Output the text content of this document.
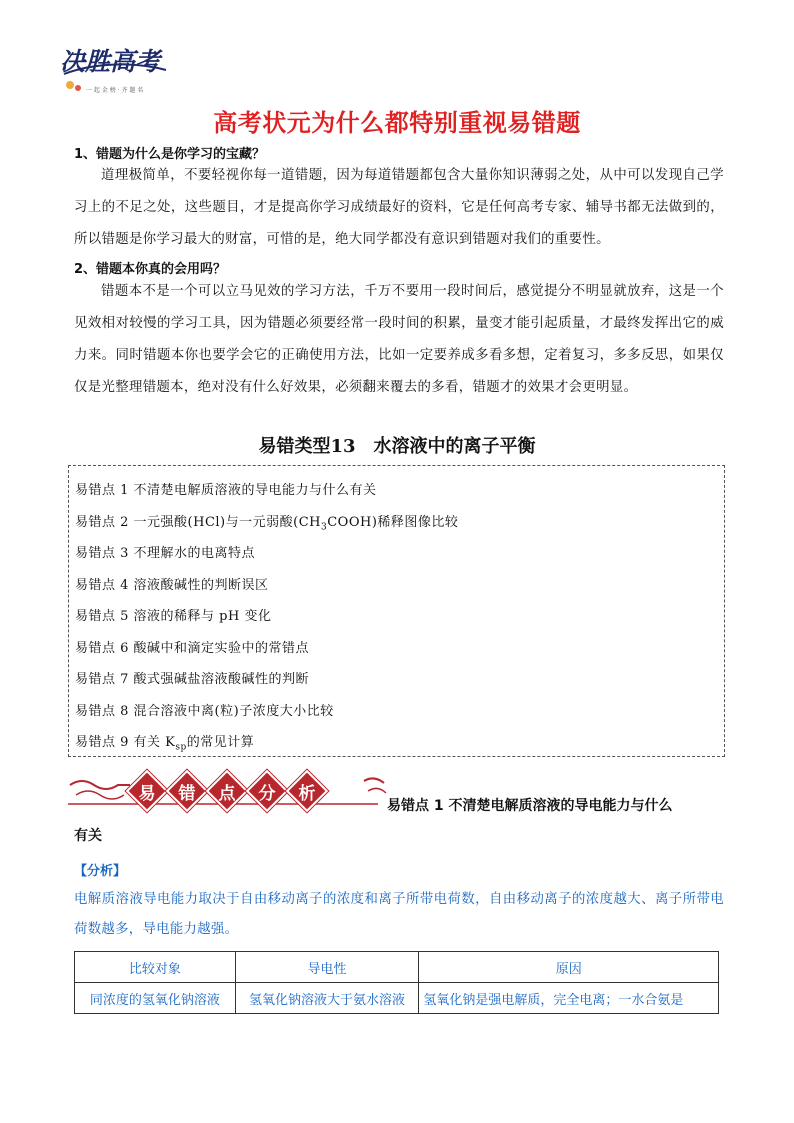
决胜高考
一 起 金 榜 · 齐 题 名
高考状元为什么都特别重视易错题
1、错题为什么是你学习的宝藏？
道理极简单，不要轻视你每一道错题，因为每道错题都包含大量你知识薄弱之处，从中可以发现自己学习上的不足之处，这些题目，才是提高你学习成绩最好的资料，它是任何高考专家、辅导书都无法做到的，所以错题是你学习最大的财富，可惜的是，绝大同学都没有意识到错题对我们的重要性。
2、错题本你真的会用吗？
错题本不是一个可以立马见效的学习方法，千万不要用一段时间后，感觉提分不明显就放弃，这是一个见效相对较慢的学习工具，因为错题必须要经常一段时间的积累，量变才能引起质量，才最终发挥出它的威力来。同时错题本你也要学会它的正确使用方法，比如一定要养成多看多想，定着复习，多多反思，如果仅仅是光整理错题本，绝对没有什么好效果，必须翻来覆去的多看，错题才的效果才会更明显。
易错类型13　水溶液中的离子平衡
易错点 1 不清楚电解质溶液的导电能力与什么有关
易错点 2 一元强酸(HCl)与一元弱酸$(CH_3COOH)$稀释图像比较
易错点 3 不理解水的电离特点
易错点 4 溶液酸碱性的判断误区
易错点 5 溶液的稀释与 pH 变化
易错点 6 酸碱中和滴定实验中的常错点
易错点 7 酸式强碱盐溶液酸碱性的判断
易错点 8 混合溶液中离(粒)子浓度大小比较
易错点 9 有关 $K_{sp}$的常见计算
易 错 点 分 析
易错点 1 不清楚电解质溶液的导电能力与什么
有关
【分析】
电解质溶液导电能力取决于自由移动离子的浓度和离子所带电荷数，自由移动离子的浓度越大、离子所带电荷数越多，导电能力越强。
比较对象	导电性	原因
同浓度的氢氧化钠溶液	氢氧化钠溶液大于氨水溶液	氢氧化钠是强电解质，完全电离；一水合氨是
